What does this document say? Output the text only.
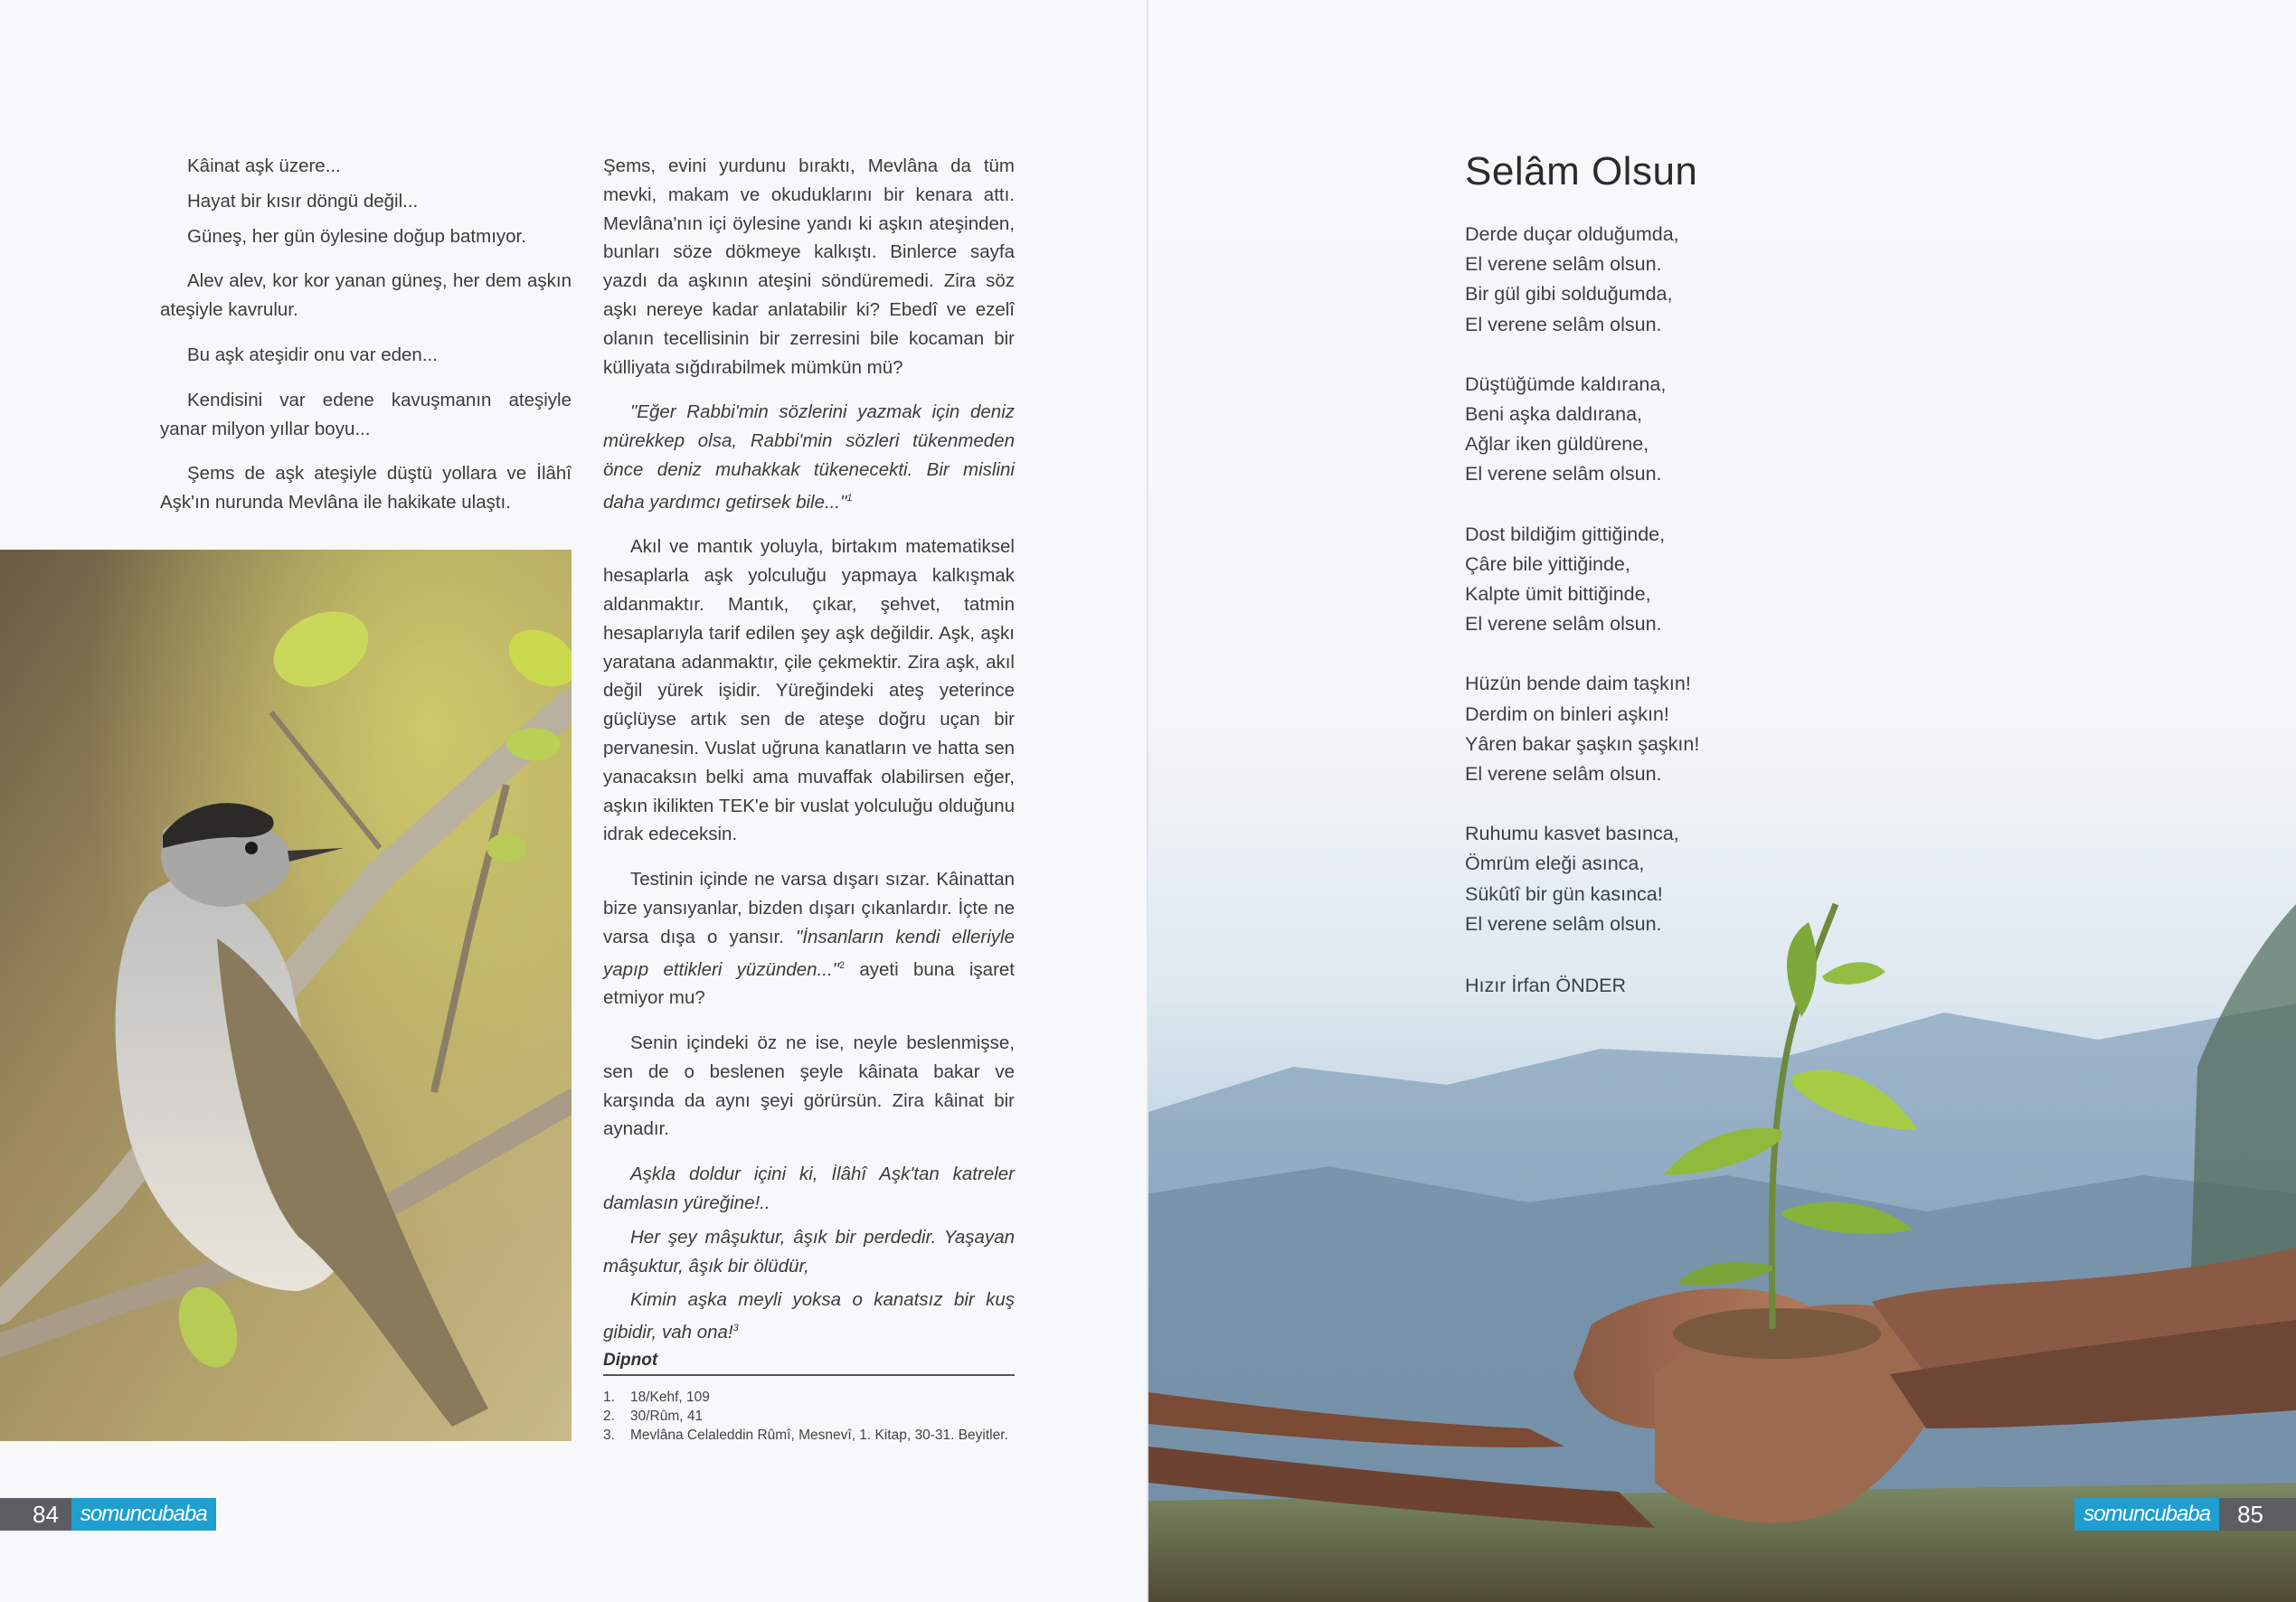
Kâinat aşk üzere...

Hayat bir kısır döngü değil...

Güneş, her gün öylesine doğup batmıyor.

Alev alev, kor kor yanan güneş, her dem aşkın ateşiyle kavrulur.

Bu aşk ateşidir onu var eden...

Kendisini var edene kavuşmanın ateşiyle yanar milyon yıllar boyu...

Şems de aşk ateşiyle düştü yollara ve İlâhî Aşk'ın nurunda Mevlâna ile hakikate ulaştı.

Şems, evini yurdunu bıraktı, Mevlâna da tüm mevki, makam ve okuduklarını bir kenara attı. Mevlâna'nın içi öylesine yandı ki aşkın ateşinden, bunları söze dökmeye kalkıştı. Binlerce sayfa yazdı da aşkının ateşini söndüremedi. Zira söz aşkı nereye kadar anlatabilir ki? Ebedî ve ezelî olanın tecellisinin bir zerresini bile kocaman bir külliyata sığdırabilmek mümkün mü?

"Eğer Rabbi'min sözlerini yazmak için deniz mürekkep olsa, Rabbi'min sözleri tükenmeden önce deniz muhakkak tükenecekti. Bir mislini daha yardımcı getirsek bile..."$^1$

Akıl ve mantık yoluyla, birtakım matematiksel hesaplarla aşk yolculuğu yapmaya kalkışmak aldanmaktır. Mantık, çıkar, şehvet, tatmin hesaplarıyla tarif edilen şey aşk değildir. Aşk, aşkı yaratana adanmaktır, çile çekmektir. Zira aşk, akıl değil yürek işidir. Yüreğindeki ateş yeterince güçlüyse artık sen de ateşe doğru uçan bir pervanesin. Vuslat uğruna kanatların ve hatta sen yanacaksın belki ama muvaffak olabilirsen eğer, aşkın ikilikten TEK'e bir vuslat yolculuğu olduğunu idrak edeceksin.

Testinin içinde ne varsa dışarı sızar. Kâinattan bize yansıyanlar, bizden dışarı çıkanlardır. İçte ne varsa dışa o yansır. "İnsanların kendi elleriyle yapıp ettikleri yüzünden..."$^2$ ayeti buna işaret etmiyor mu?

Senin içindeki öz ne ise, neyle beslenmişse, sen de o beslenen şeyle kâinata bakar ve karşında da aynı şeyi görürsün. Zira kâinat bir aynadır.

Aşkla doldur içini ki, İlâhî Aşk'tan katreler damlasın yüreğine!..

Her şey mâşuktur, âşık bir perdedir. Yaşayan mâşuktur, âşık bir ölüdür,

Kimin aşka meyli yoksa o kanatsız bir kuş gibidir, vah ona!$^3$

Dipnot
1. 18/Kehf, 109
2. 30/Rûm, 41
3. Mevlâna Celaleddin Rûmî, Mesnevî, 1. Kitap, 30-31. Beyitler.
84	somuncubaba
Selâm Olsun
Derde duçar olduğumda,
El verene selâm olsun.
Bir gül gibi solduğumda,
El verene selâm olsun.
Düştüğümde kaldırana,
Beni aşka daldırana,
Ağlar iken güldürene,
El verene selâm olsun.
Dost bildiğim gittiğinde,
Çâre bile yittiğinde,
Kalpte ümit bittiğinde,
El verene selâm olsun.
Hüzün bende daim taşkın!
Derdim on binleri aşkın!
Yâren bakar şaşkın şaşkın!
El verene selâm olsun.
Ruhumu kasvet basınca,
Ömrüm eleği asınca,
Sükûtî bir gün kasınca!
El verene selâm olsun.
Hızır İrfan ÖNDER
somuncubaba	85
